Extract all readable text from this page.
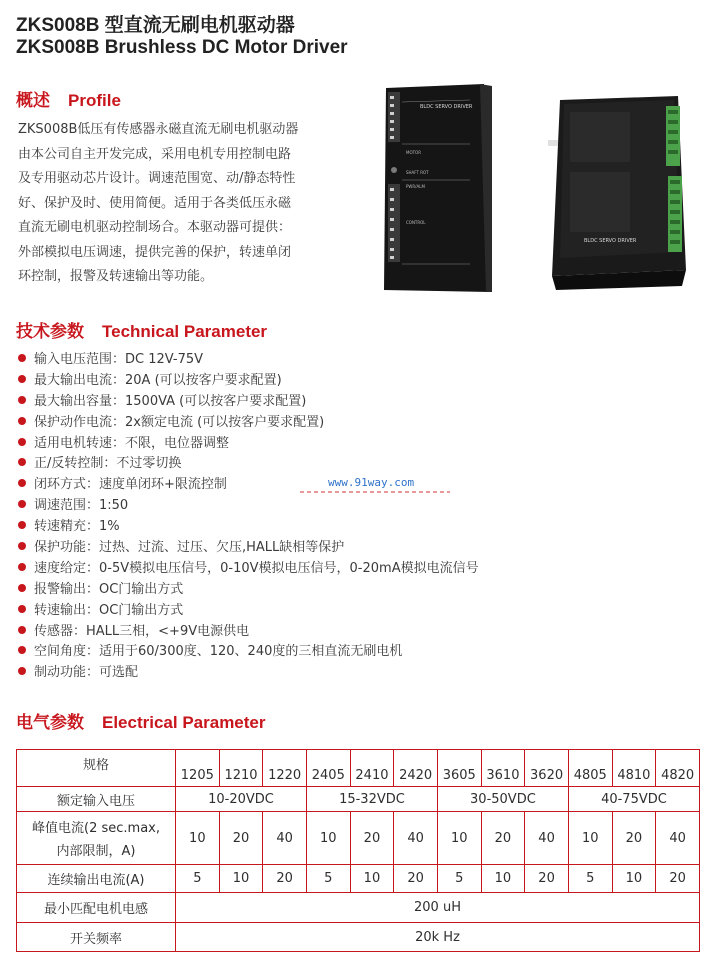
ZKS008B 型直流无刷电机驱动器
ZKS008B Brushless DC Motor Driver
概述 Profile
ZKS008B低压有传感器永磁直流无刷电机驱动器
由本公司自主开发完成，采用电机专用控制电路
及专用驱动芯片设计。调速范围宽、动/静态特性
好、保护及时、使用简便。适用于各类低压永磁
直流无刷电机驱动控制场合。本驱动器可提供：
外部模拟电压调速，提供完善的保护，转速单闭
环控制，报警及转速输出等功能。
BLDC SERVO DRIVER
MOTOR
SHAFT ROT
PWR/ALM
CONTROL
BLDC SERVO DRIVER
技术参数 Technical Parameter
输入电压范围：DC 12V-75V
最大输出电流：20A (可以按客户要求配置)
最大输出容量：1500VA (可以按客户要求配置)
保护动作电流：2x额定电流 (可以按客户要求配置)
适用电机转速：不限，电位器调整
正/反转控制：不过零切换
闭环方式：速度单闭环+限流控制
调速范围：1:50
转速精充：1%
保护功能：过热、过流、过压、欠压,HALL缺相等保护
速度给定：0-5V模拟电压信号，0-10V模拟电压信号，0-20mA模拟电流信号
报警输出：OC门输出方式
转速输出：OC门输出方式
传感器：HALL三相，<+9V电源供电
空间角度：适用于60/300度、120、240度的三相直流无刷电机
制动功能：可选配
www.91way.com
电气参数 Electrical Parameter
规格	1205	1210	1220	2405	2410	2420	3605	3610	3620	4805	4810	4820
额定输入电压	10-20VDC			15-32VDC			30-50VDC			40-75VDC		

峰值电流(2 sec.max,
内部限制，A)	10	20	40	10	20	40	10	20	40	10	20	40
连续输出电流(A)	5	10	20	5	10	20	5	10	20	5	10	20
最小匹配电机电感	200 uH											
开关频率	20k Hz											
